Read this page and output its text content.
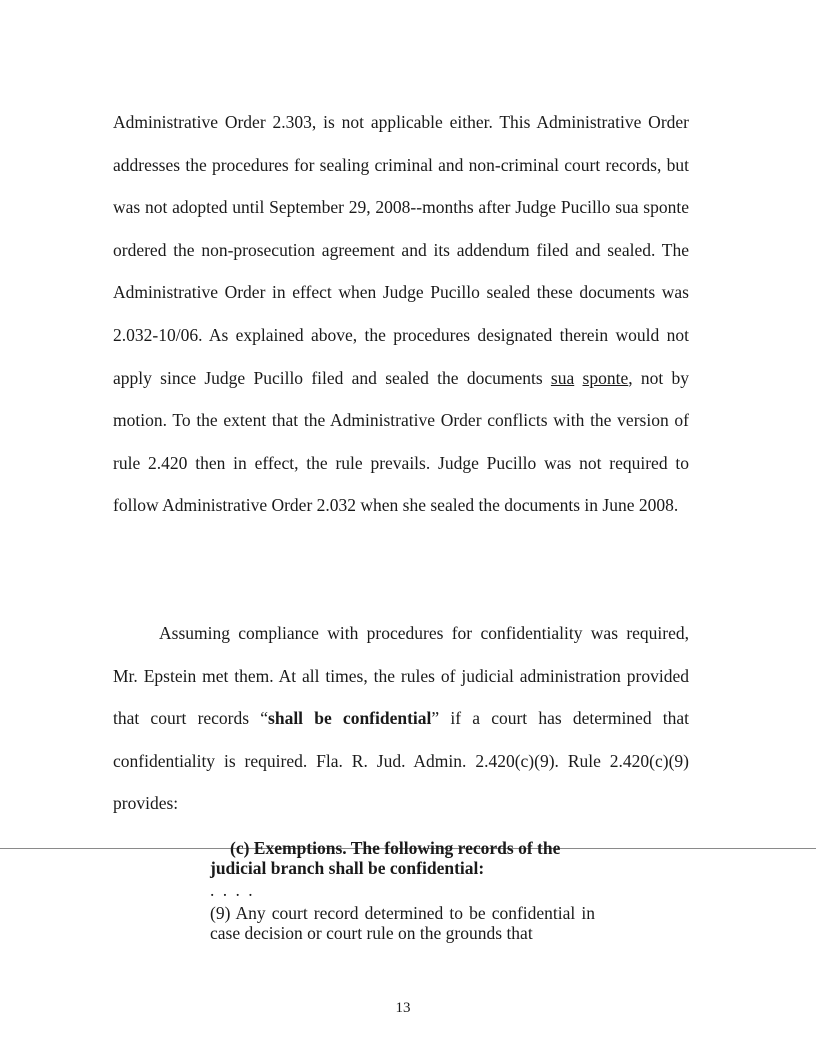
Administrative Order 2.303, is not applicable either. This Administrative Order addresses the procedures for sealing criminal and non-criminal court records, but was not adopted until September 29, 2008--months after Judge Pucillo sua sponte ordered the non-prosecution agreement and its addendum filed and sealed. The Administrative Order in effect when Judge Pucillo sealed these documents was 2.032-10/06. As explained above, the procedures designated therein would not apply since Judge Pucillo filed and sealed the documents sua sponte, not by motion. To the extent that the Administrative Order conflicts with the version of rule 2.420 then in effect, the rule prevails. Judge Pucillo was not required to follow Administrative Order 2.032 when she sealed the documents in June 2008.

Assuming compliance with procedures for confidentiality was required, Mr. Epstein met them. At all times, the rules of judicial administration provided that court records “shall be confidential” if a court has determined that confidentiality is required. Fla. R. Jud. Admin. 2.420(c)(9). Rule 2.420(c)(9) provides:

(c) Exemptions. The following records of the
judicial branch shall be confidential:
. . . .
(9) Any court record determined to be confidential in case decision or court rule on the grounds that
13
